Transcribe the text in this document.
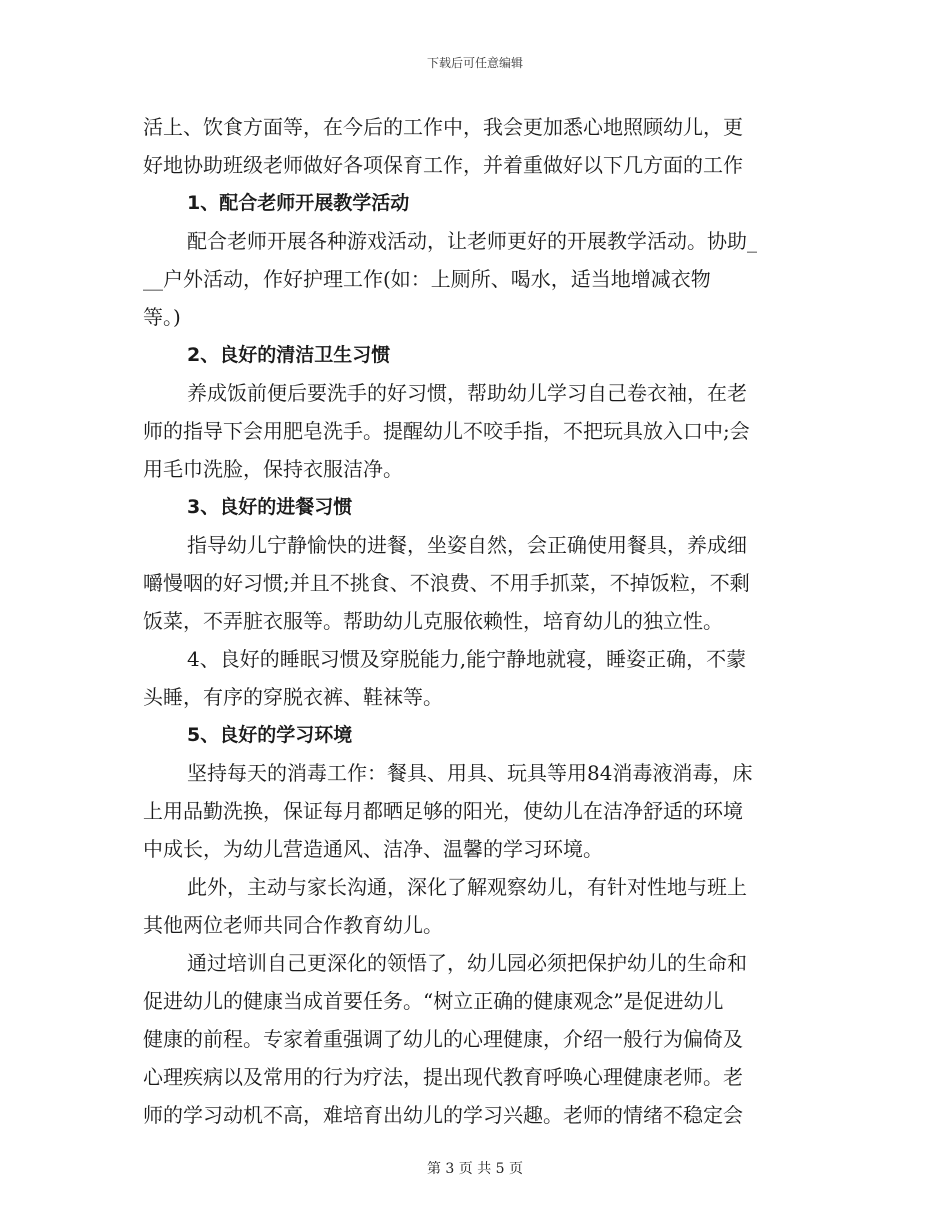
下载后可任意编辑
活上、饮食方面等，在今后的工作中，我会更加悉心地照顾幼儿，更
好地协助班级老师做好各项保育工作，并着重做好以下几方面的工作
1、配合老师开展教学活动
配合老师开展各种游戏活动，让老师更好的开展教学活动。协助_
__户外活动，作好护理工作(如：上厕所、喝水，适当地增减衣物
等。)
2、良好的清洁卫生习惯
养成饭前便后要洗手的好习惯，帮助幼儿学习自己卷衣袖，在老
师的指导下会用肥皂洗手。提醒幼儿不咬手指，不把玩具放入口中;会
用毛巾洗脸，保持衣服洁净。
3、良好的进餐习惯
指导幼儿宁静愉快的进餐，坐姿自然，会正确使用餐具，养成细
嚼慢咽的好习惯;并且不挑食、不浪费、不用手抓菜，不掉饭粒，不剩
饭菜，不弄脏衣服等。帮助幼儿克服依赖性，培育幼儿的独立性。
4、良好的睡眠习惯及穿脱能力,能宁静地就寝，睡姿正确，不蒙
头睡，有序的穿脱衣裤、鞋袜等。
5、良好的学习环境
坚持每天的消毒工作：餐具、用具、玩具等用84消毒液消毒，床
上用品勤洗换，保证每月都晒足够的阳光，使幼儿在洁净舒适的环境
中成长，为幼儿营造通风、洁净、温馨的学习环境。
此外，主动与家长沟通，深化了解观察幼儿，有针对性地与班上
其他两位老师共同合作教育幼儿。
通过培训自己更深化的领悟了，幼儿园必须把保护幼儿的生命和
促进幼儿的健康当成首要任务。“树立正确的健康观念”是促进幼儿
健康的前程。专家着重强调了幼儿的心理健康，介绍一般行为偏倚及
心理疾病以及常用的行为疗法，提出现代教育呼唤心理健康老师。老
师的学习动机不高，难培育出幼儿的学习兴趣。老师的情绪不稳定会
第 3 页 共 5 页
